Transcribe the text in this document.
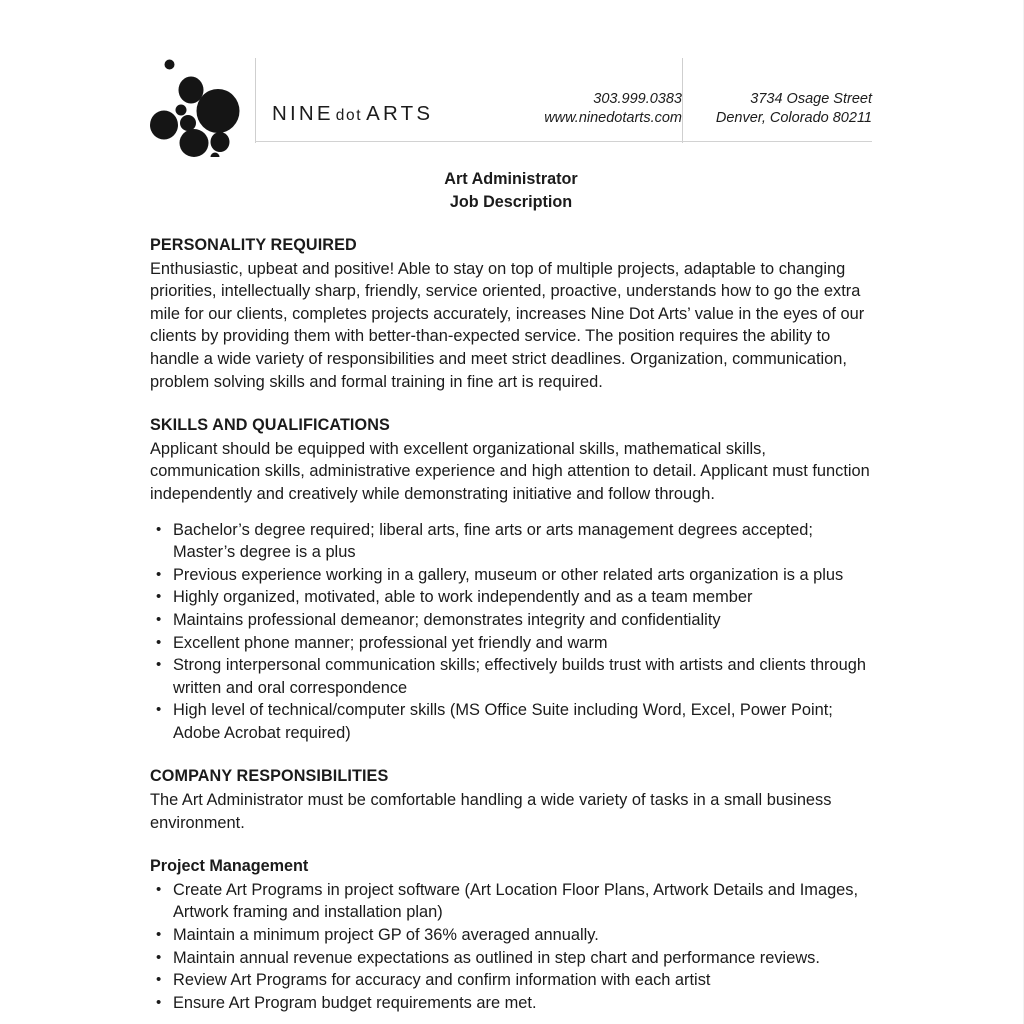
NINE dot ARTS
303.999.0383
www.ninedotarts.com
3734 Osage Street
Denver, Colorado 80211
Art Administrator
Job Description
PERSONALITY REQUIRED
Enthusiastic, upbeat and positive! Able to stay on top of multiple projects, adaptable to changing priorities, intellectually sharp, friendly, service oriented, proactive, understands how to go the extra mile for our clients, completes projects accurately, increases Nine Dot Arts’ value in the eyes of our clients by providing them with better-than-expected service. The position requires the ability to handle a wide variety of responsibilities and meet strict deadlines. Organization, communication, problem solving skills and formal training in fine art is required.
SKILLS AND QUALIFICATIONS
Applicant should be equipped with excellent organizational skills, mathematical skills, communication skills, administrative experience and high attention to detail. Applicant must function independently and creatively while demonstrating initiative and follow through.
• Bachelor’s degree required; liberal arts, fine arts or arts management degrees accepted; Master’s degree is a plus
• Previous experience working in a gallery, museum or other related arts organization is a plus
• Highly organized, motivated, able to work independently and as a team member
• Maintains professional demeanor; demonstrates integrity and confidentiality
• Excellent phone manner; professional yet friendly and warm
• Strong interpersonal communication skills; effectively builds trust with artists and clients through written and oral correspondence
• High level of technical/computer skills (MS Office Suite including Word, Excel, Power Point; Adobe Acrobat required)
COMPANY RESPONSIBILITIES
The Art Administrator must be comfortable handling a wide variety of tasks in a small business environment.
Project Management
• Create Art Programs in project software (Art Location Floor Plans, Artwork Details and Images, Artwork framing and installation plan)
• Maintain a minimum project GP of 36% averaged annually.
• Maintain annual revenue expectations as outlined in step chart and performance reviews.
• Review Art Programs for accuracy and confirm information with each artist
• Ensure Art Program budget requirements are met.
